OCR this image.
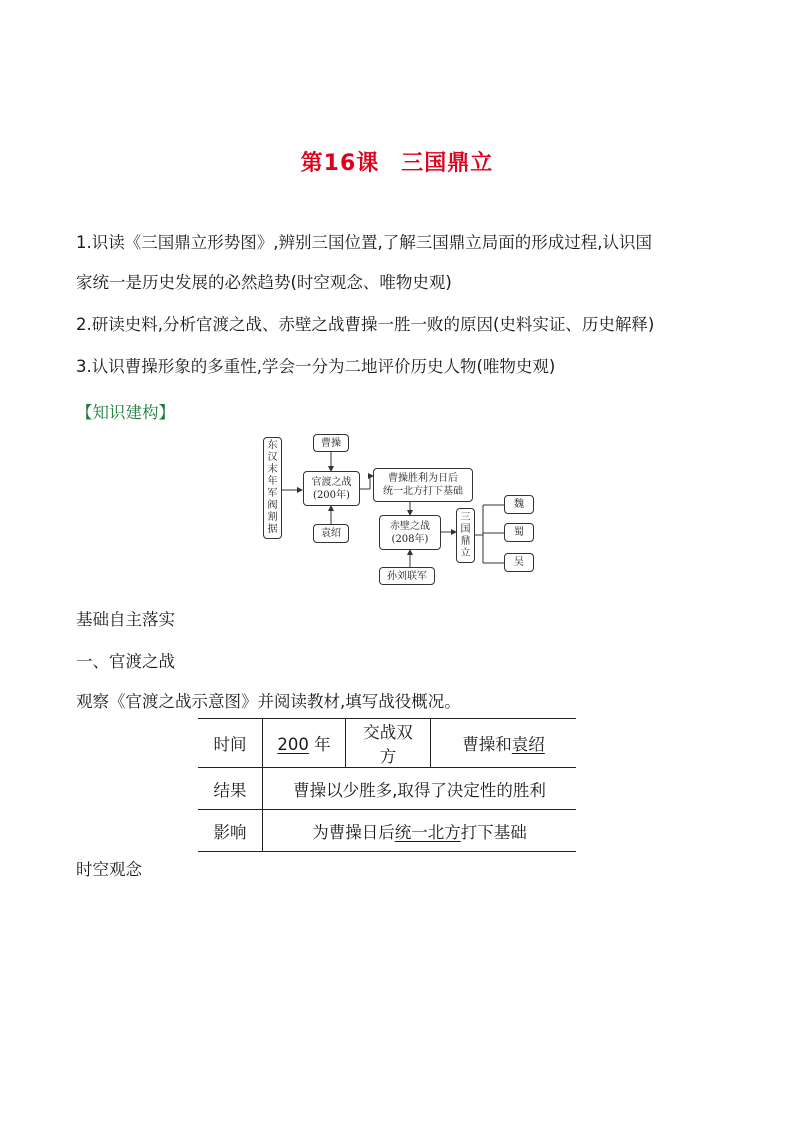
第16课 三国鼎立
1.识读《三国鼎立形势图》,辨别三国位置,了解三国鼎立局面的形成过程,认识国
家统一是历史发展的必然趋势(时空观念、唯物史观)
2.研读史料,分析官渡之战、赤壁之战曹操一胜一败的原因(史料实证、历史解释)
3.认识曹操形象的多重性,学会一分为二地评价历史人物(唯物史观)
【知识建构】
东汉末年军阀割据
曹操
官渡之战
(200年)
袁绍
曹操胜利为日后
统一北方打下基础
赤壁之战
(208年)
孙刘联军
三国鼎立
魏
蜀
吴
基础自主落实
一、官渡之战
观察《官渡之战示意图》并阅读教材,填写战役概况。
时间	200 年	交战双方	曹操和袁绍
结果	曹操以少胜多,取得了决定性的胜利		
影响	为曹操日后统一北方打下基础		
时空观念
